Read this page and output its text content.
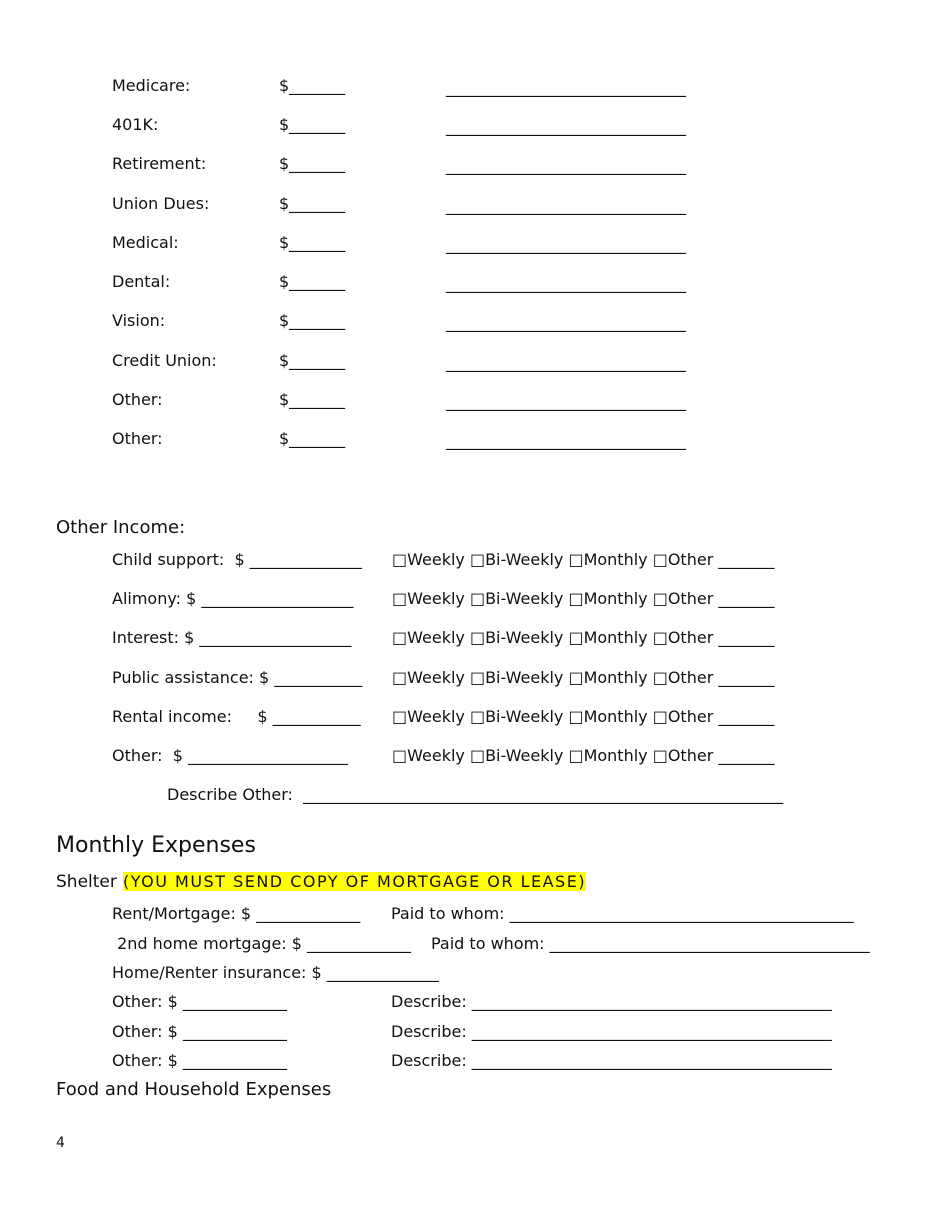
Medicare:	$_______	______________________________
401K:	$_______	______________________________
Retirement:	$_______	______________________________
Union Dues:	$_______	______________________________
Medical:	$_______	______________________________
Dental:	$_______	______________________________
Vision:	$_______	______________________________
Credit Union:	$_______	______________________________
Other:	$_______	______________________________
Other:	$_______	______________________________
Other Income:
Child support:  $ ______________ □Weekly □Bi-Weekly □Monthly □Other _______
Alimony: $ ___________________ □Weekly □Bi-Weekly □Monthly □Other _______
Interest: $ ___________________	□Weekly □Bi-Weekly □Monthly □Other _______
Public assistance: $ ___________ □Weekly □Bi-Weekly □Monthly □Other _______
Rental income:     $ ___________ □Weekly □Bi-Weekly □Monthly □Other _______
Other:  $ ____________________	□Weekly □Bi-Weekly □Monthly □Other _______
Describe Other:  ____________________________________________________________
Monthly Expenses
Shelter (YOU MUST SEND COPY OF MORTGAGE OR LEASE)
Rent/Mortgage: $ _____________ Paid to whom: ___________________________________________
2nd home mortgage: $ _____________ Paid to whom: ________________________________________
Home/Renter insurance: $ ______________
Other: $ _____________	Describe: _____________________________________________
Other: $ _____________	Describe: _____________________________________________
Other: $ _____________	Describe: _____________________________________________
Food and Household Expenses
4
